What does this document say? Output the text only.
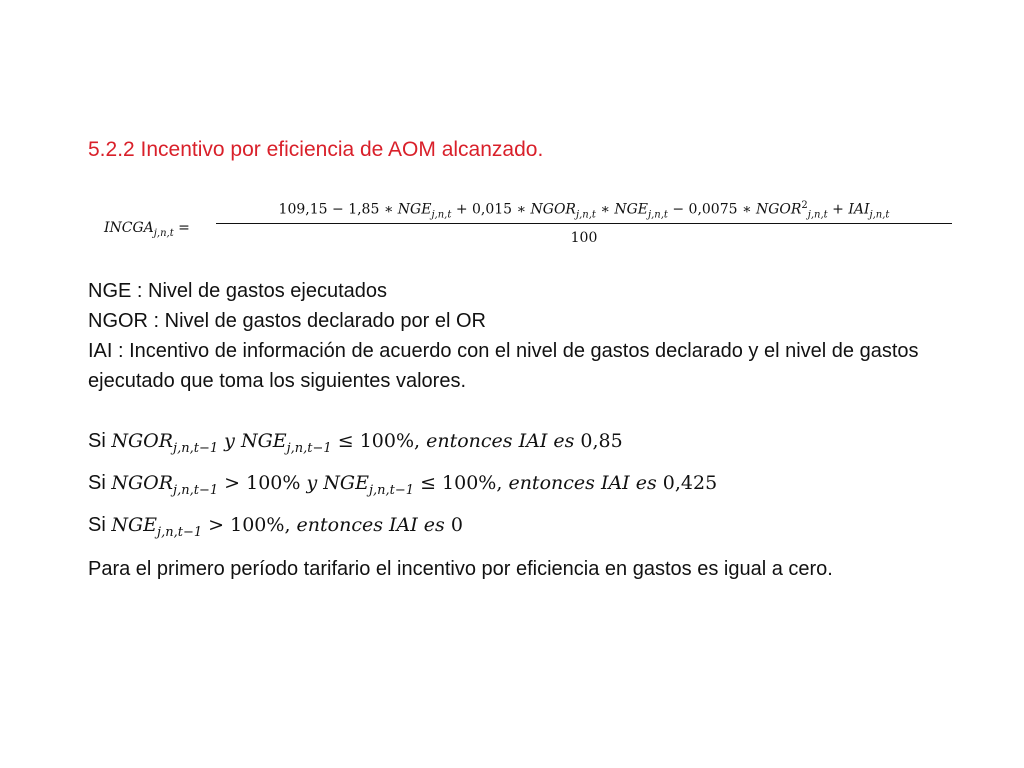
5.2.2 Incentivo por eficiencia de AOM alcanzado.
$INCGA_{j,n,t}$ =
109,15 − 1,85 ∗ $NGE_{j,n,t} + 0,015$ ∗ $NGOR_{j,n,t}$ ∗ $NGE_{j,n,t} - 0,0075$ ∗ $NGOR^2_{j,n,t} + IAI_{j,n,t}$
100

NGE : Nivel de gastos ejecutados

NGOR : Nivel de gastos declarado por el OR

IAI : Incentivo de información de acuerdo con el nivel de gastos declarado y el nivel de gastos ejecutado que toma los siguientes valores.

Si $NGOR_{j,n,t-1}$ y $NGE_{j,n,t-1} \le 100\%$, entonces IAI es 0,85

Si $NGOR_{j,n,t-1} > 100\%$ y $NGE_{j,n,t-1} \le 100\%$, entonces IAI es 0,425

Si $NGE_{j,n,t-1} > 100\%$, entonces IAI es 0

Para el primero período tarifario el incentivo por eficiencia en gastos es igual a cero.
